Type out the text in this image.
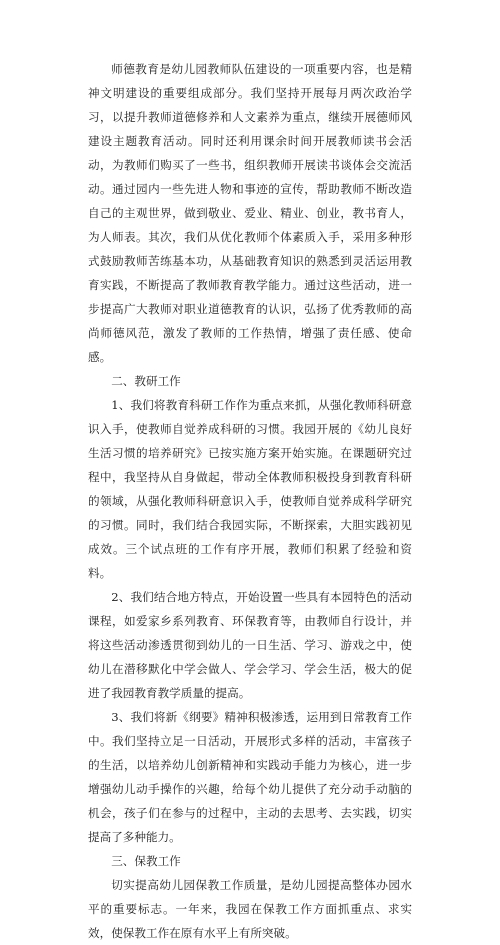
师德教育是幼儿园教师队伍建设的一项重要内容，也是精神文明建设的重要组成部分。我们坚持开展每月两次政治学习，以提升教师道德修养和人文素养为重点，继续开展德师风建设主题教育活动。同时还利用课余时间开展教师读书会活动，为教师们购买了一些书，组织教师开展读书谈体会交流活动。通过园内一些先进人物和事迹的宣传，帮助教师不断改造自己的主观世界，做到敬业、爱业、精业、创业，教书育人，为人师表。其次，我们从优化教师个体素质入手，采用多种形式鼓励教师苦练基本功，从基础教育知识的熟悉到灵活运用教育实践，不断提高了教师教育教学能力。通过这些活动，进一步提高广大教师对职业道德教育的认识，弘扬了优秀教师的高尚师德风范，激发了教师的工作热情，增强了责任感、使命感。

二、教研工作

1、我们将教育科研工作作为重点来抓，从强化教师科研意识入手，使教师自觉养成科研的习惯。我园开展的《幼儿良好生活习惯的培养研究》已按实施方案开始实施。在课题研究过程中，我坚持从自身做起，带动全体教师积极投身到教育科研的领域，从强化教师科研意识入手，使教师自觉养成科学研究的习惯。同时，我们结合我园实际，不断探索，大胆实践初见成效。三个试点班的工作有序开展，教师们积累了经验和资料。

2、我们结合地方特点，开始设置一些具有本园特色的活动课程，如爱家乡系列教育、环保教育等，由教师自行设计，并将这些活动渗透贯彻到幼儿的一日生活、学习、游戏之中，使幼儿在潜移默化中学会做人、学会学习、学会生活，极大的促进了我园教育教学质量的提高。

3、我们将新《纲要》精神积极渗透，运用到日常教育工作中。我们坚持立足一日活动，开展形式多样的活动，丰富孩子的生活，以培养幼儿创新精神和实践动手能力为核心，进一步增强幼儿动手操作的兴趣，给每个幼儿提供了充分动手动脑的机会，孩子们在参与的过程中，主动的去思考、去实践，切实提高了多种能力。

三、保教工作

切实提高幼儿园保教工作质量，是幼儿园提高整体办园水平的重要标志。一年来，我园在保教工作方面抓重点、求实效，使保教工作在原有水平上有所突破。
